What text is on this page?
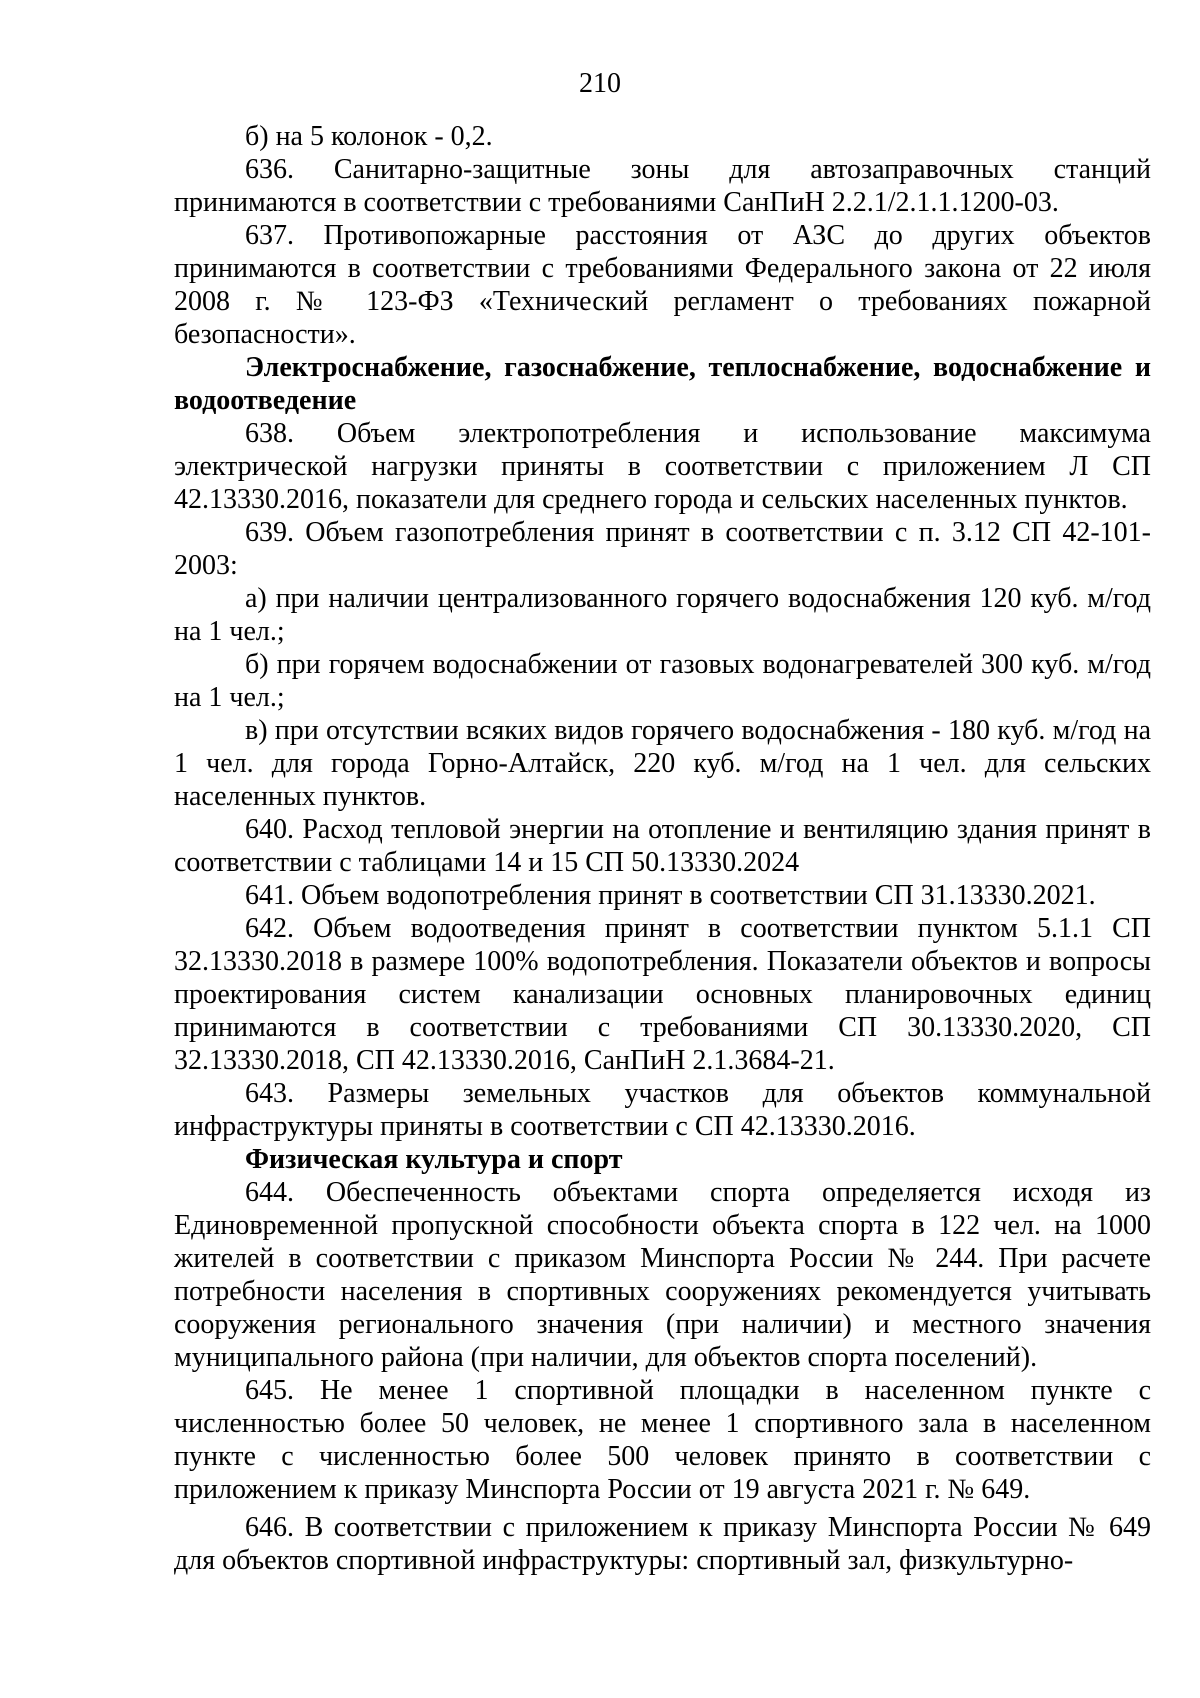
210

б) на 5 колонок - 0,2.

636. Санитарно-защитные зоны для автозаправочных станций принимаются в соответствии с требованиями СанПиН 2.2.1/2.1.1.1200-03.

637. Противопожарные расстояния от АЗС до других объектов принимаются в соответствии с требованиями Федерального закона от 22 июля 2008 г. № 123-ФЗ «Технический регламент о требованиях пожарной безопасности».

Электроснабжение, газоснабжение, теплоснабжение, водоснабжение и водоотведение

638. Объем электропотребления и использование максимума электрической нагрузки приняты в соответствии с приложением Л СП 42.13330.2016, показатели для среднего города и сельских населенных пунктов.

639. Объем газопотребления принят в соответствии с п. 3.12 СП 42-101-2003:

а) при наличии централизованного горячего водоснабжения 120 куб. м/год на 1 чел.;

б) при горячем водоснабжении от газовых водонагревателей 300 куб. м/год на 1 чел.;

в) при отсутствии всяких видов горячего водоснабжения - 180 куб. м/год на 1 чел. для города Горно-Алтайск, 220 куб. м/год на 1 чел. для сельских населенных пунктов.

640. Расход тепловой энергии на отопление и вентиляцию здания принят в соответствии с таблицами 14 и 15 СП 50.13330.2024

641. Объем водопотребления принят в соответствии СП 31.13330.2021.

642. Объем водоотведения принят в соответствии пунктом 5.1.1 СП 32.13330.2018 в размере 100% водопотребления. Показатели объектов и вопросы проектирования систем канализации основных планировочных единиц принимаются в соответствии с требованиями СП 30.13330.2020, СП 32.13330.2018, СП 42.13330.2016, СанПиН 2.1.3684-21.

643. Размеры земельных участков для объектов коммунальной инфраструктуры приняты в соответствии с СП 42.13330.2016.

Физическая культура и спорт

644. Обеспеченность объектами спорта определяется исходя из Единовременной пропускной способности объекта спорта в 122 чел. на 1000 жителей в соответствии с приказом Минспорта России № 244. При расчете потребности населения в спортивных сооружениях рекомендуется учитывать сооружения регионального значения (при наличии) и местного значения муниципального района (при наличии, для объектов спорта поселений).

645. Не менее 1 спортивной площадки в населенном пункте с численностью более 50 человек, не менее 1 спортивного зала в населенном пункте с численностью более 500 человек принято в соответствии с приложением к приказу Минспорта России от 19 августа 2021 г. № 649.

646. В соответствии с приложением к приказу Минспорта России № 649 для объектов спортивной инфраструктуры: спортивный зал, физкультурно-
